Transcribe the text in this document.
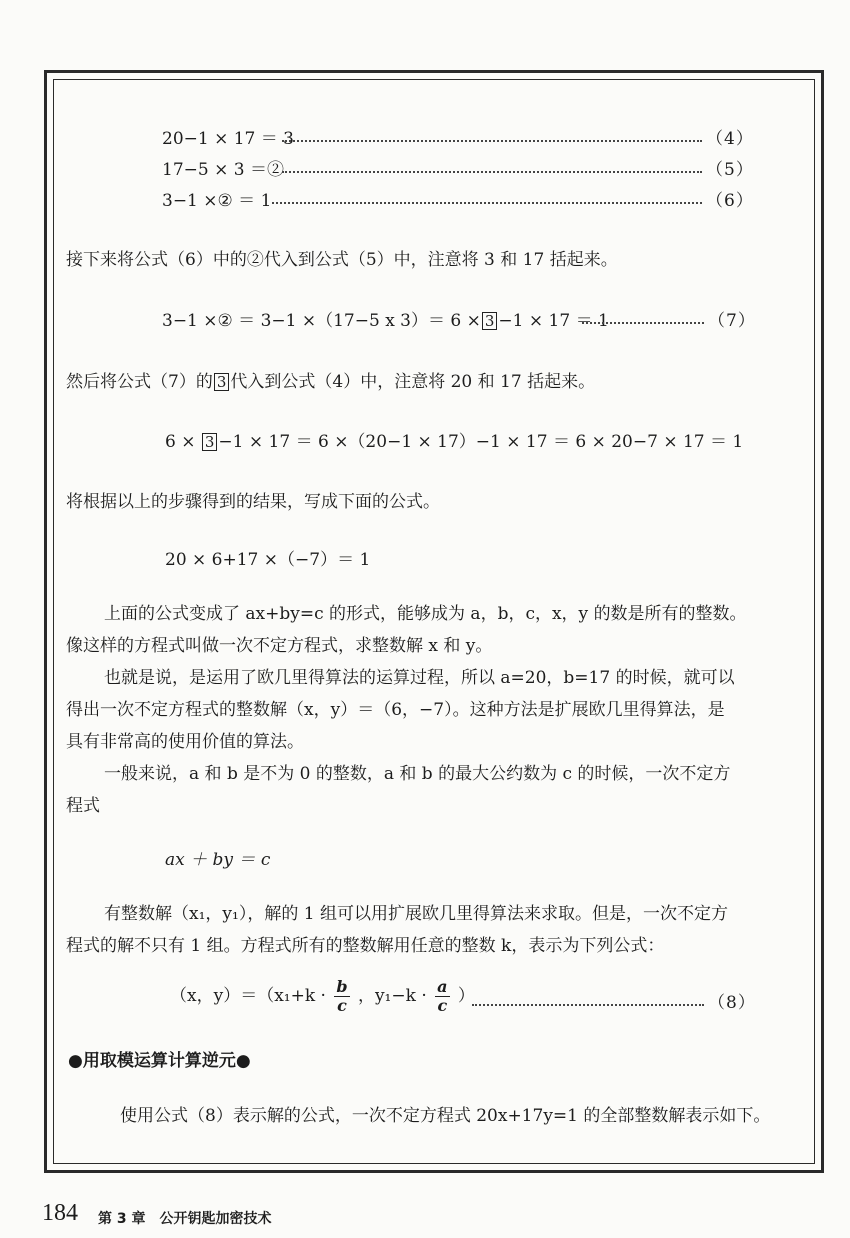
20−1 × 17 ＝ 3	（4）
17−5 × 3 ＝②	（5）
3−1 ×② ＝ 1	（6）
接下来将公式（6）中的②代入到公式（5）中，注意将 3 和 17 括起来。
3−1 ×② ＝ 3−1 ×（17−5 x 3）＝ 6 × 3 −1 × 17 ＝ 1	（7）
然后将公式（7）的 3 代入到公式（4）中，注意将 20 和 17 括起来。
6 × 3 −1 × 17 ＝ 6 ×（20−1 × 17）−1 × 17 ＝ 6 × 20−7 × 17 ＝ 1
将根据以上的步骤得到的结果，写成下面的公式。
20 × 6+17 ×（−7）＝ 1
上面的公式变成了 ax+by=c 的形式，能够成为 a，b，c，x，y 的数是所有的整数。
像这样的方程式叫做一次不定方程式，求整数解 x 和 y。
也就是说，是运用了欧几里得算法的运算过程，所以 a=20，b=17 的时候，就可以
得出一次不定方程式的整数解（x，y）＝（6，−7）。这种方法是扩展欧几里得算法，是
具有非常高的使用价值的算法。
一般来说，a 和 b 是不为 0 的整数，a 和 b 的最大公约数为 c 的时候，一次不定方
程式
ax ＋ by ＝ c
有整数解（x₁，y₁），解的 1 组可以用扩展欧几里得算法来求取。但是，一次不定方
程式的解不只有 1 组。方程式所有的整数解用任意的整数 k，表示为下列公式：
（x，$y)=(x_1+k \cdot \frac{b}{c}$ ，$y_1-k \cdot \frac{a}{c}$ ）	（8）
●用取模运算计算逆元●
使用公式（8）表示解的公式，一次不定方程式 20x+17y=1 的全部整数解表示如下。
184 第 3 章　公开钥匙加密技术
